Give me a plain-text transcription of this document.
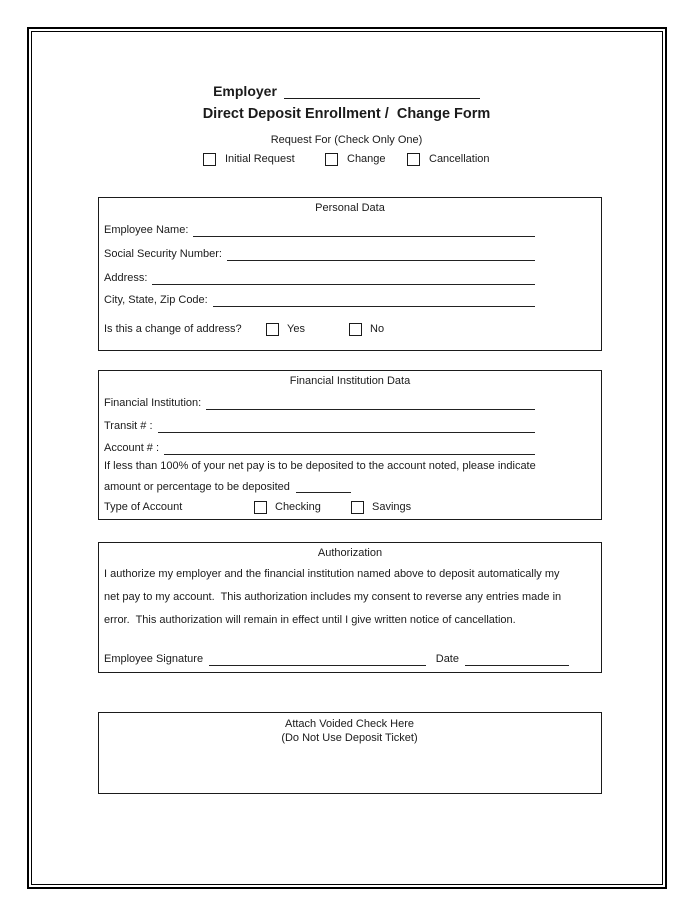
Employer
Direct Deposit Enrollment /  Change Form
Request For (Check Only One)
Initial Request	Change	Cancellation
Personal Data
Employee Name:
Social Security Number:
Address:
City, State, Zip Code:
Is this a change of address?	Yes	No
Financial Institution Data
Financial Institution:
Transit # :
Account # :
If less than 100% of your net pay is to be deposited to the account noted, please indicate
amount or percentage to be deposited
Type of Account	Checking	Savings
Authorization
I authorize my employer and the financial institution named above to deposit automatically my
net pay to my account.  This authorization includes my consent to reverse any entries made in
error.  This authorization will remain in effect until I give written notice of cancellation.
Employee Signature	Date
Attach Voided Check Here
(Do Not Use Deposit Ticket)
